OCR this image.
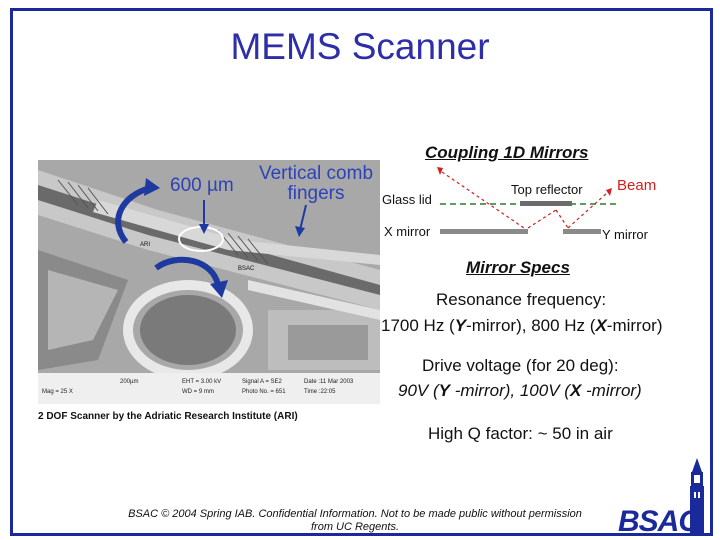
MEMS Scanner
200µm	EHT = 3.00 kV	Signal A = SE2	Date :11 Mar 2003
Mag = 25 X	WD = 9 mm	Photo No. = 651	Time :22:05
ARI
BSAC
600 µm
Vertical comb
fingers
2 DOF Scanner by the Adriatic Research Institute (ARI)
Coupling 1D Mirrors
Glass lid
Top reflector Beam
X mirror	Y mirror
Mirror Specs
Resonance frequency:
1700 Hz (Y-mirror), 800 Hz (X-mirror)
Drive voltage (for 20 deg):
90V (Y -mirror), 100V (X -mirror)
High Q factor: ~ 50 in air
BSAC © 2004 Spring IAB. Confidential Information. Not to be made public without permission
from UC Regents.	BSAC
